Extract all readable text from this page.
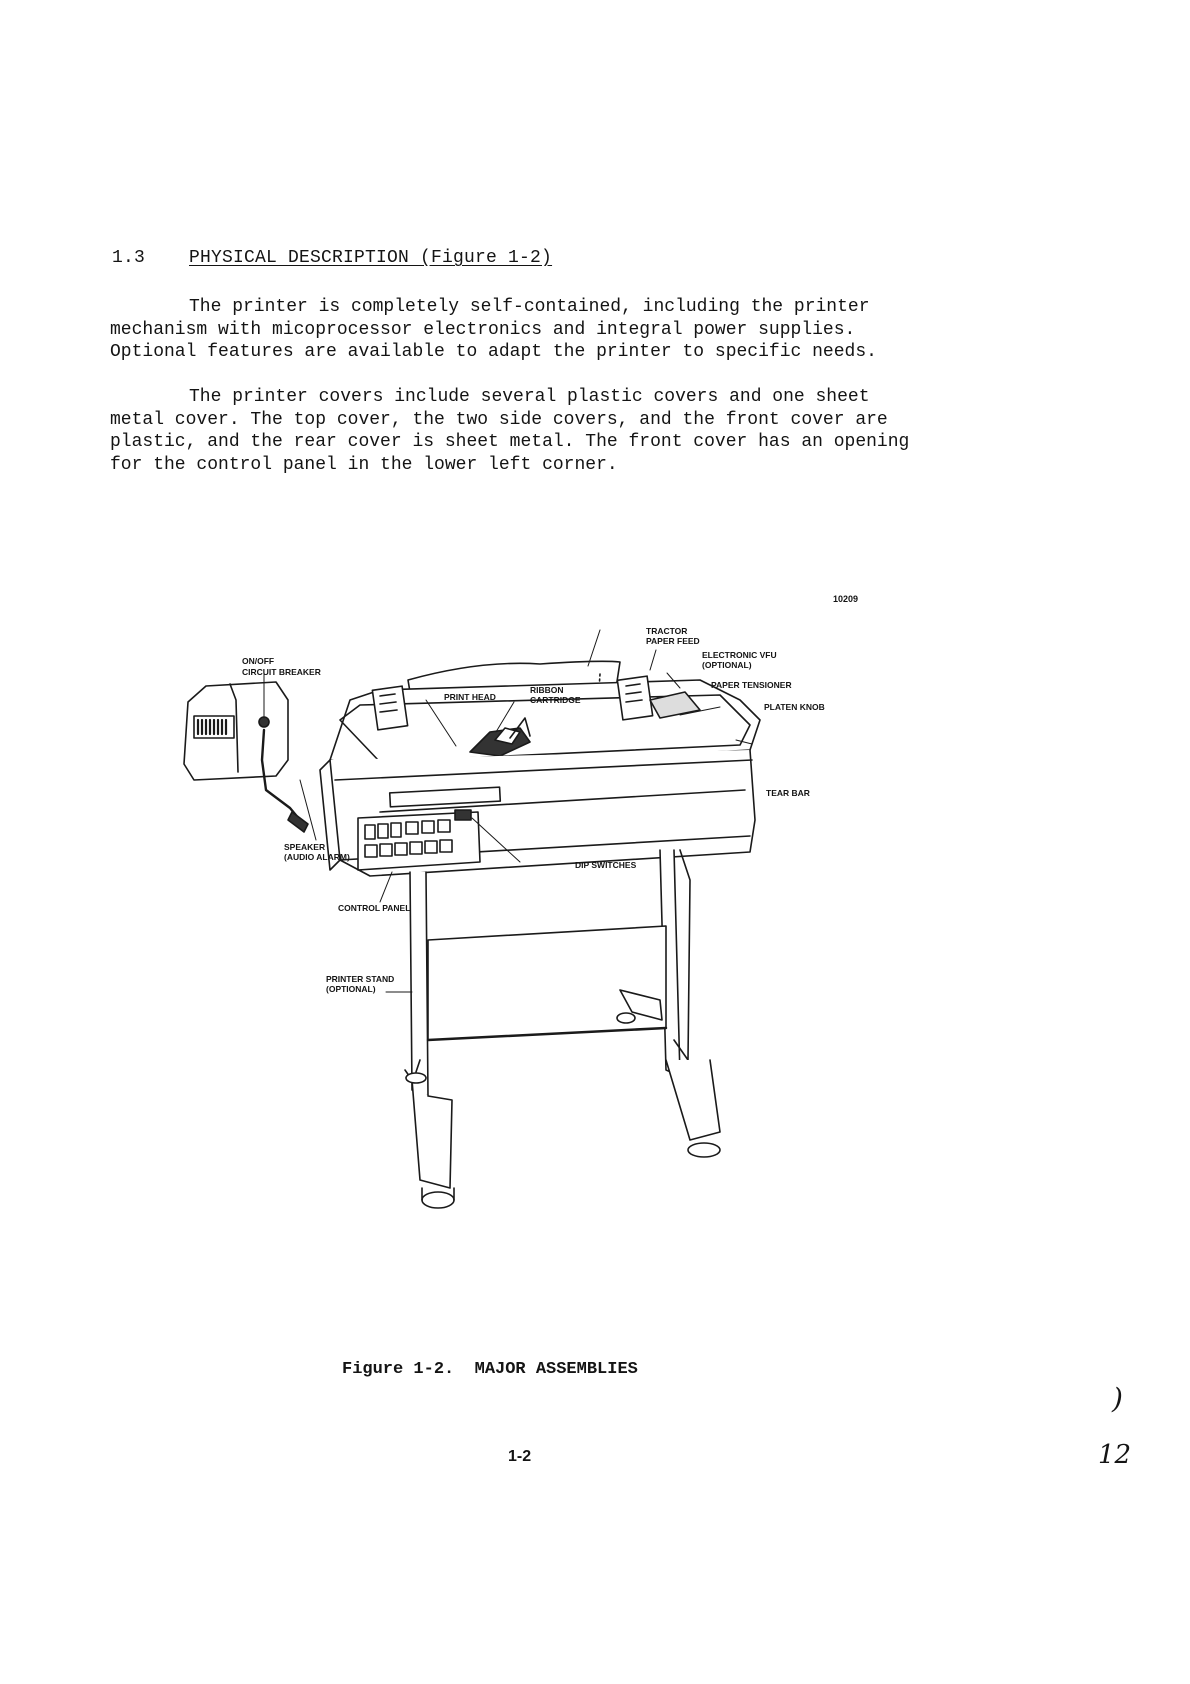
1.3 PHYSICAL DESCRIPTION (Figure 1-2)

The printer is completely self-contained, including the printer
mechanism with micoprocessor electronics and integral power supplies.
Optional features are available to adapt the printer to specific needs.

The printer covers include several plastic covers and one sheet
metal cover. The top cover, the two side covers, and the front cover are
plastic, and the rear cover is sheet metal. The front cover has an opening
for the control panel in the lower left corner.

10209
ON/OFF
CIRCUIT BREAKER
PRINT HEAD
RIBBON
CARTRIDGE
TRACTOR
PAPER FEED
ELECTRONIC VFU
(OPTIONAL)
PAPER TENSIONER
PLATEN KNOB
TEAR BAR
SPEAKER
(AUDIO ALARM)
DIP SWITCHES
CONTROL PANEL
PRINTER STAND
(OPTIONAL)
Figure 1-2.  MAJOR ASSEMBLIES
1-2
)
12
